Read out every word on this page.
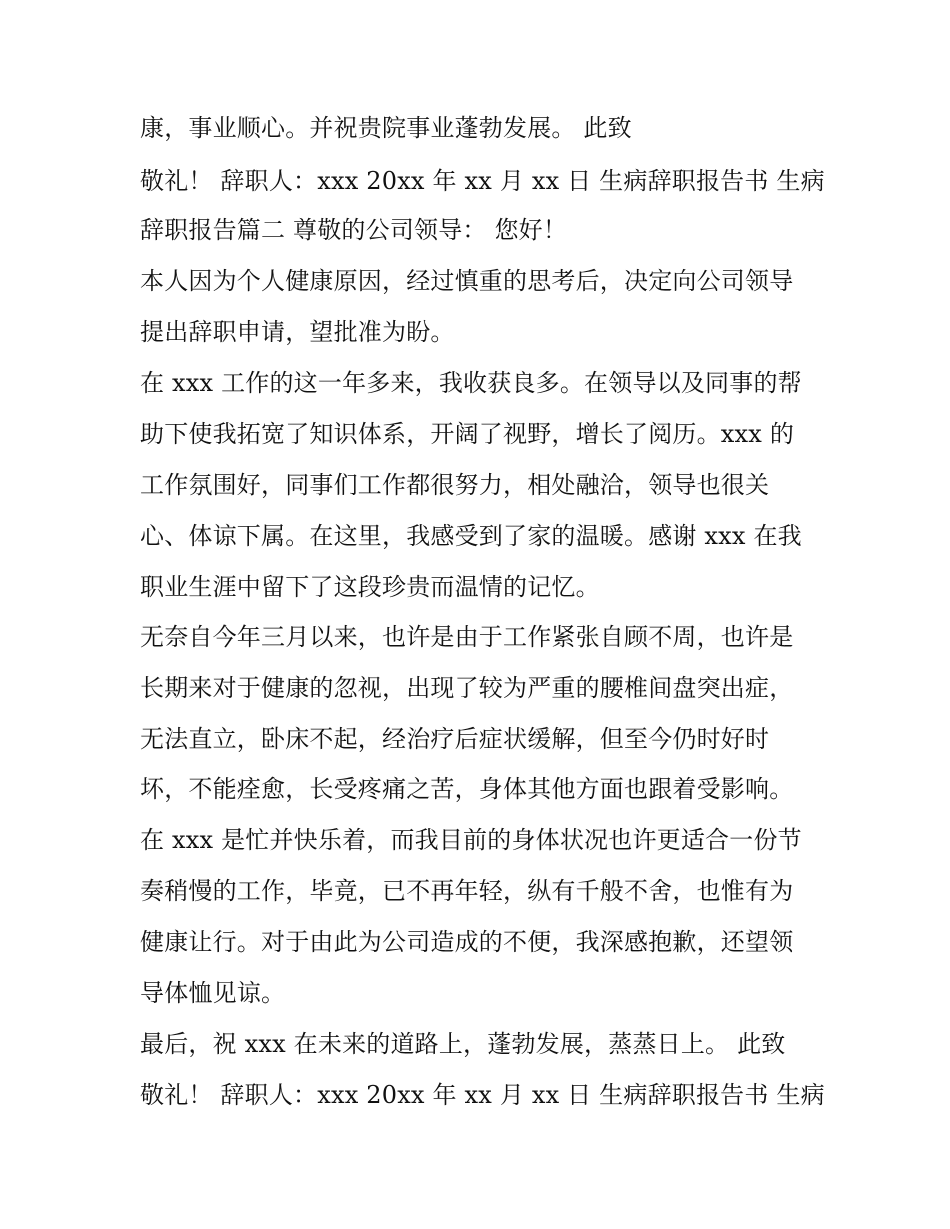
康，事业顺心。并祝贵院事业蓬勃发展。 此致
敬礼！ 辞职人：xxx 20xx 年 xx 月 xx 日 生病辞职报告书 生病
辞职报告篇二 尊敬的公司领导： 您好！
本人因为个人健康原因，经过慎重的思考后，决定向公司领导
提出辞职申请，望批准为盼。
在 xxx 工作的这一年多来，我收获良多。在领导以及同事的帮
助下使我拓宽了知识体系，开阔了视野，增长了阅历。xxx 的
工作氛围好，同事们工作都很努力，相处融洽，领导也很关
心、体谅下属。在这里，我感受到了家的温暖。感谢 xxx 在我
职业生涯中留下了这段珍贵而温情的记忆。
无奈自今年三月以来，也许是由于工作紧张自顾不周，也许是
长期来对于健康的忽视，出现了较为严重的腰椎间盘突出症，
无法直立，卧床不起，经治疗后症状缓解，但至今仍时好时
坏，不能痊愈，长受疼痛之苦，身体其他方面也跟着受影响。
在 xxx 是忙并快乐着，而我目前的身体状况也许更适合一份节
奏稍慢的工作，毕竟，已不再年轻，纵有千般不舍，也惟有为
健康让行。对于由此为公司造成的不便，我深感抱歉，还望领
导体恤见谅。
最后，祝 xxx 在未来的道路上，蓬勃发展，蒸蒸日上。 此致
敬礼！ 辞职人：xxx 20xx 年 xx 月 xx 日 生病辞职报告书 生病
